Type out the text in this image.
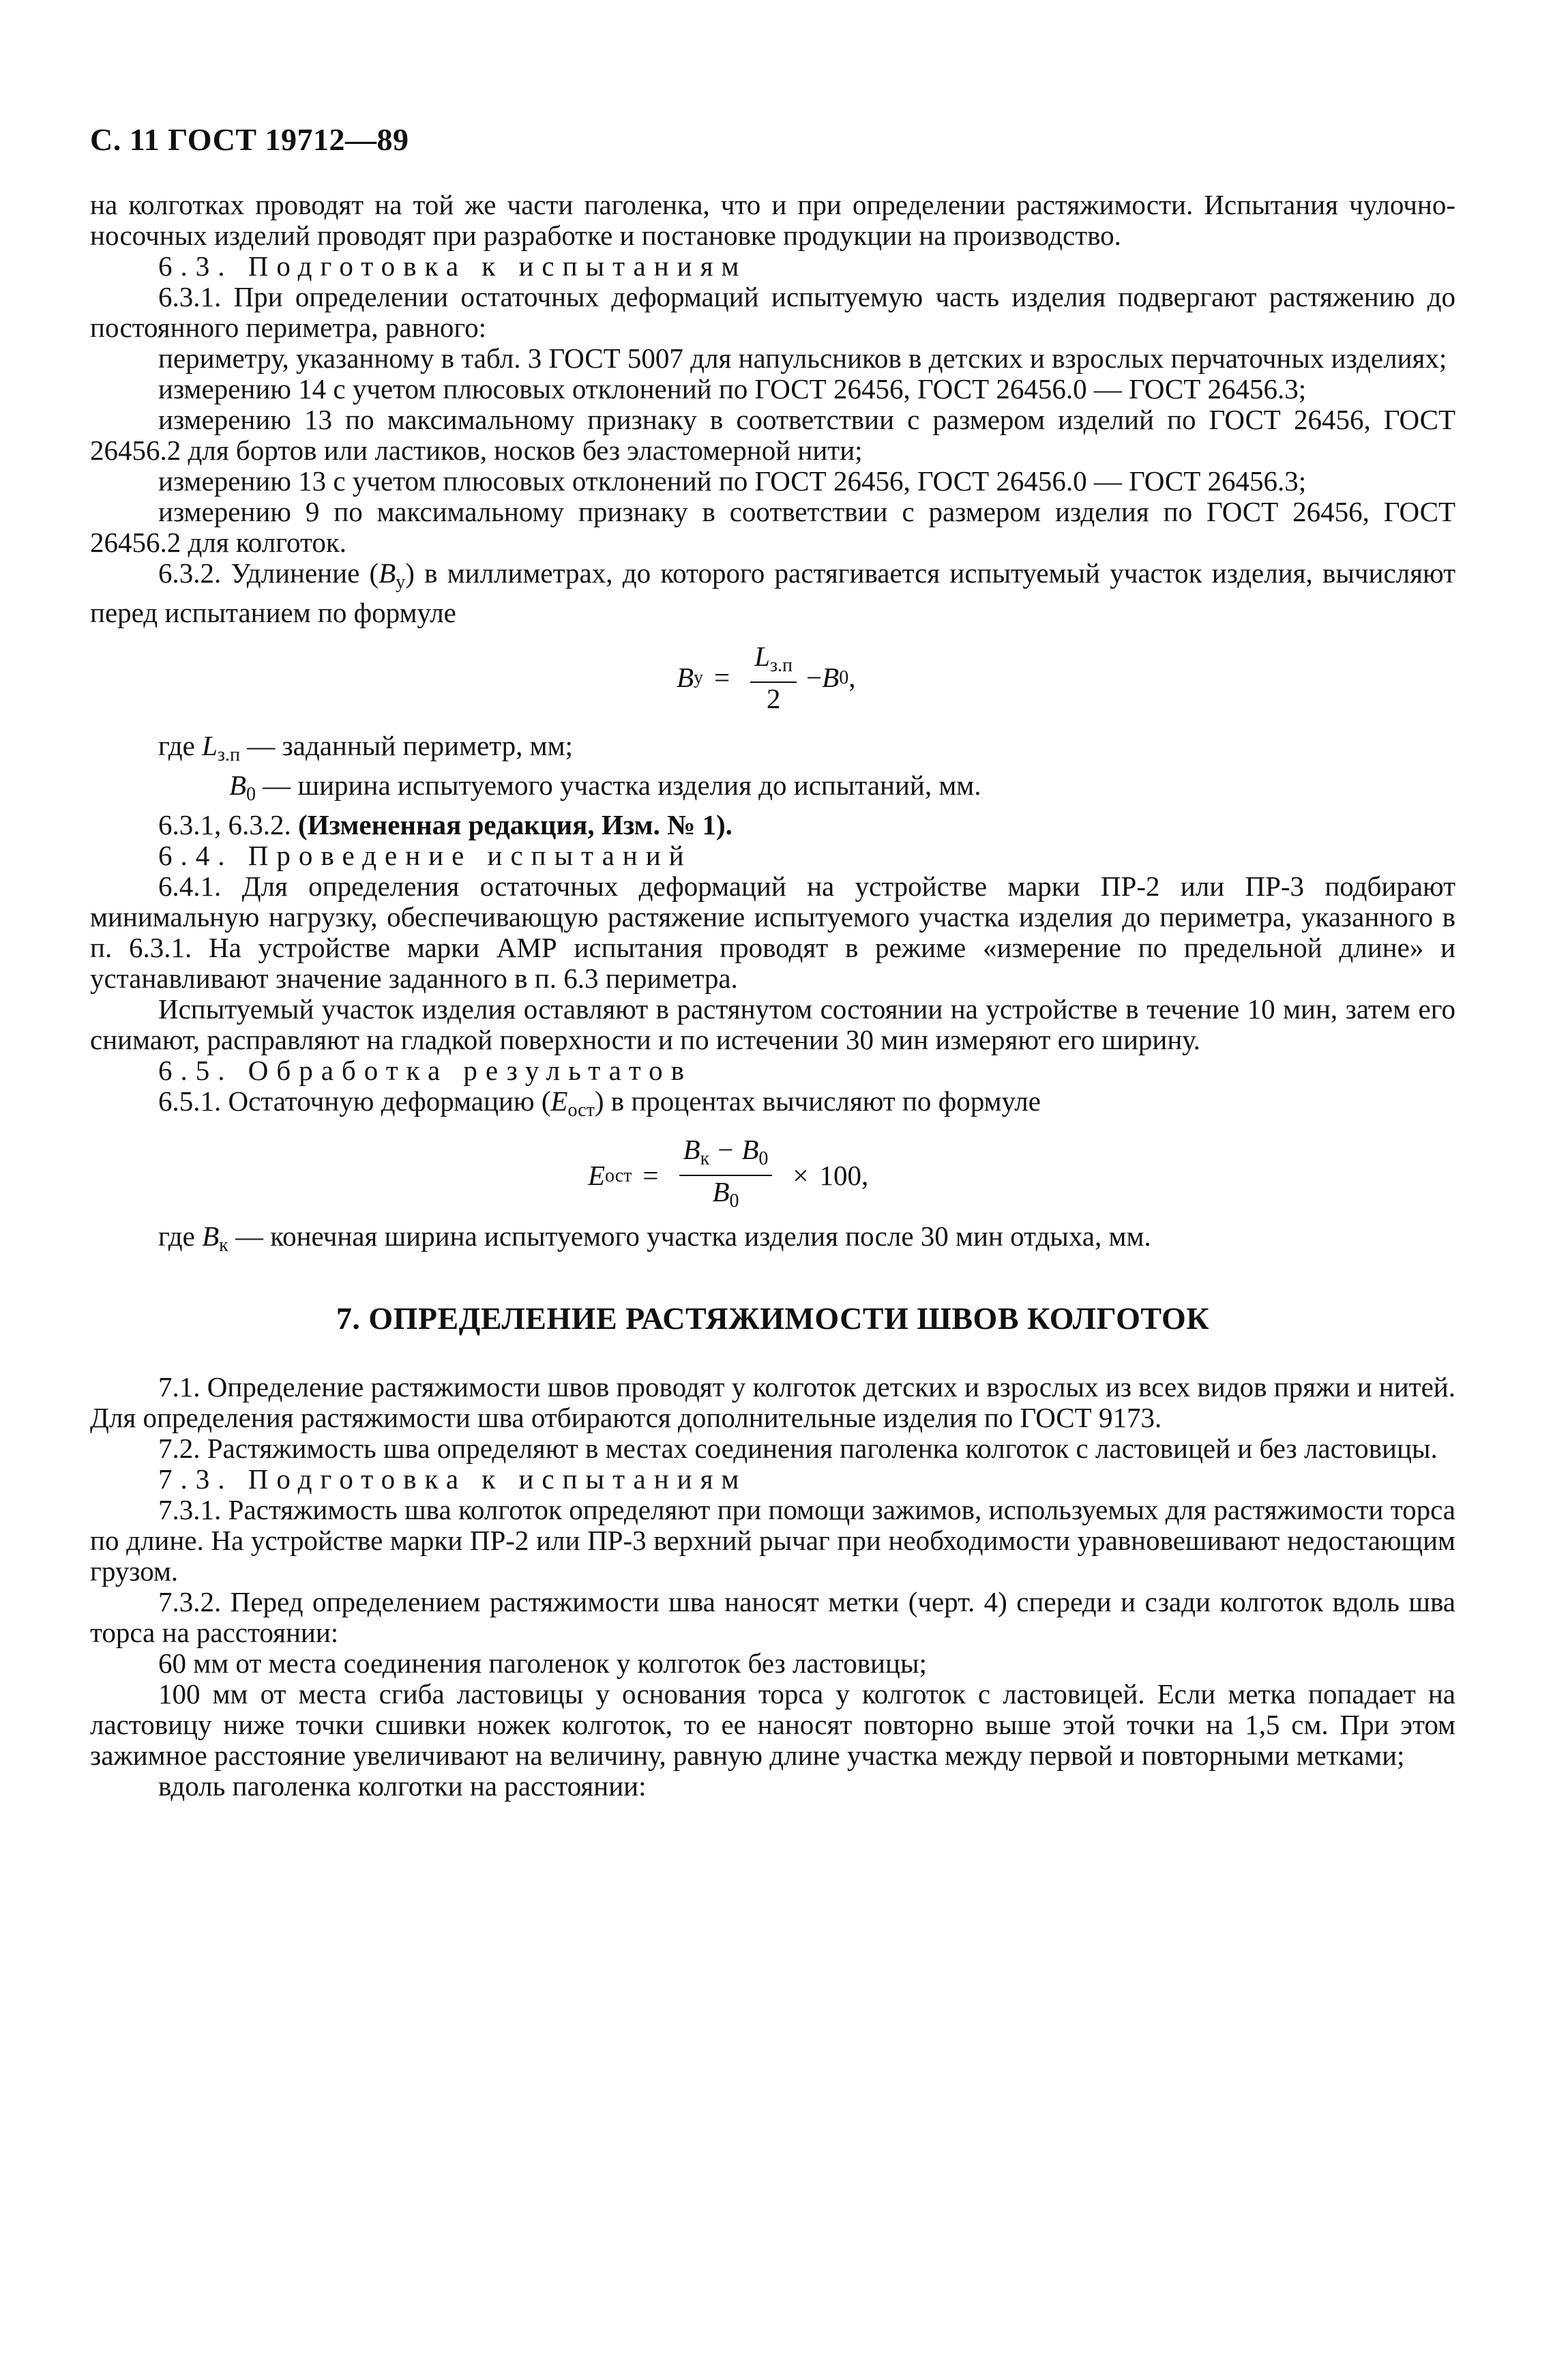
С. 11 ГОСТ 19712—89

на колготках проводят на той же части паголенка, что и при определении растяжимости. Испытания чулочно-носочных изделий проводят при разработке и постановке продукции на производство.

6.3. Подготовка к испытаниям

6.3.1. При определении остаточных деформаций испытуемую часть изделия подвергают растяжению до постоянного периметра, равного:

периметру, указанному в табл. 3 ГОСТ 5007 для напульсников в детских и взрослых перчаточных изделиях;

измерению 14 с учетом плюсовых отклонений по ГОСТ 26456, ГОСТ 26456.0 — ГОСТ 26456.3;

измерению 13 по максимальному признаку в соответствии с размером изделий по ГОСТ 26456, ГОСТ 26456.2 для бортов или ластиков, носков без эластомерной нити;

измерению 13 с учетом плюсовых отклонений по ГОСТ 26456, ГОСТ 26456.0 — ГОСТ 26456.3;

измерению 9 по максимальному признаку в соответствии с размером изделия по ГОСТ 26456, ГОСТ 26456.2 для колготок.

6.3.2. Удлинение $(B_у)$ в миллиметрах, до которого растягивается испытуемый участок изделия, вычисляют перед испытанием по формуле

B $у = \frac{L_{з.п}}{2} - B$ 0 ,

где $L_{з.п}$ — заданный периметр, мм;

$B_0$ — ширина испытуемого участка изделия до испытаний, мм.

6.3.1, 6.3.2. (Измененная редакция, Изм. № 1).

6.4. Проведение испытаний

6.4.1. Для определения остаточных деформаций на устройстве марки ПР-2 или ПР-3 подбирают минимальную нагрузку, обеспечивающую растяжение испытуемого участка изделия до периметра, указанного в п. 6.3.1. На устройстве марки АМР испытания проводят в режиме «измерение по предельной длине» и устанавливают значение заданного в п. 6.3 периметра.

Испытуемый участок изделия оставляют в растянутом состоянии на устройстве в течение 10 мин, затем его снимают, расправляют на гладкой поверхности и по истечении 30 мин измеряют его ширину.

6.5. Обработка результатов

6.5.1. Остаточную деформацию $(E_{ост})$ в процентах вычисляют по формуле

E ост = $\frac{B_к - B_0}{B_0} \times 100$,

где $B_к$ — конечная ширина испытуемого участка изделия после 30 мин отдыха, мм.

7. ОПРЕДЕЛЕНИЕ РАСТЯЖИМОСТИ ШВОВ КОЛГОТОК

7.1. Определение растяжимости швов проводят у колготок детских и взрослых из всех видов пряжи и нитей. Для определения растяжимости шва отбираются дополнительные изделия по ГОСТ 9173.

7.2. Растяжимость шва определяют в местах соединения паголенка колготок с ластовицей и без ластовицы.

7.3. Подготовка к испытаниям

7.3.1. Растяжимость шва колготок определяют при помощи зажимов, используемых для растяжимости торса по длине. На устройстве марки ПР-2 или ПР-3 верхний рычаг при необходимости уравновешивают недостающим грузом.

7.3.2. Перед определением растяжимости шва наносят метки (черт. 4) спереди и сзади колготок вдоль шва торса на расстоянии:

60 мм от места соединения паголенок у колготок без ластовицы;

100 мм от места сгиба ластовицы у основания торса у колготок с ластовицей. Если метка попадает на ластовицу ниже точки сшивки ножек колготок, то ее наносят повторно выше этой точки на 1,5 см. При этом зажимное расстояние увеличивают на величину, равную длине участка между первой и повторными метками;

вдоль паголенка колготки на расстоянии:
